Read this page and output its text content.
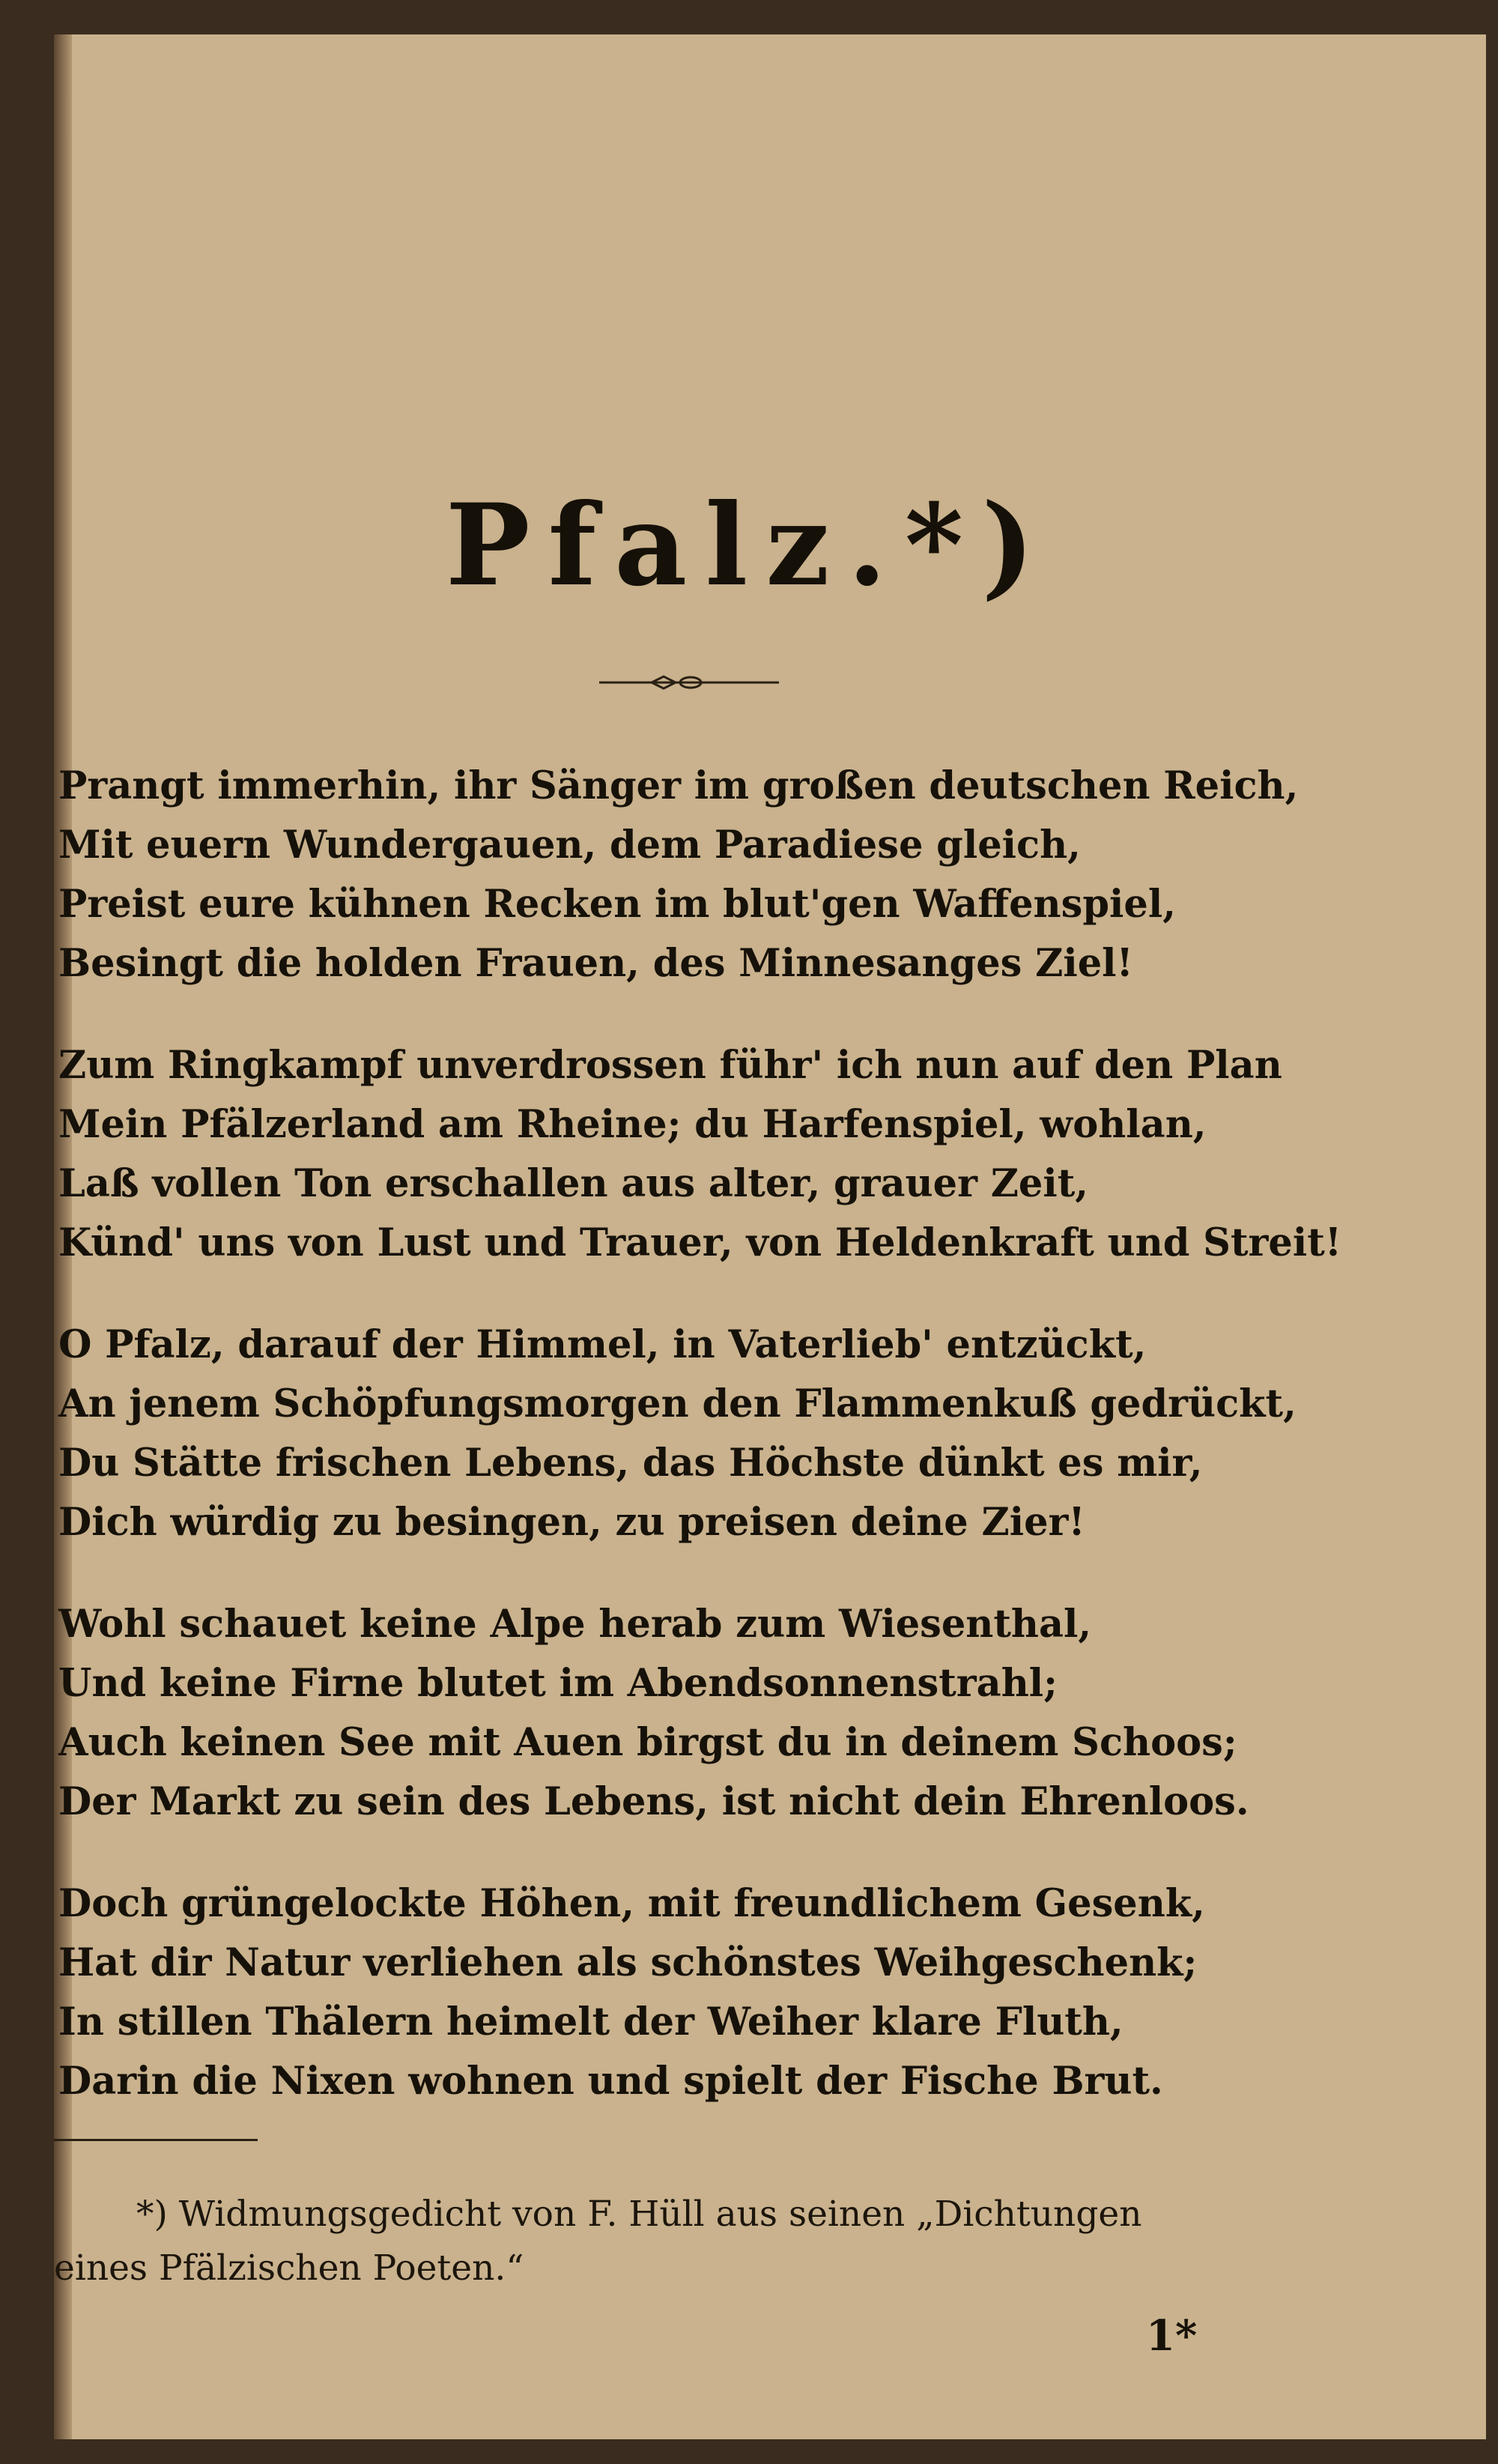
Pfalz.*)
Prangt immerhin, ihr Sänger im großen deutschen Reich,
Mit euern Wundergauen, dem Paradiese gleich,
Preist eure kühnen Recken im blut'gen Waffenspiel,
Besingt die holden Frauen, des Minnesanges Ziel!
Zum Ringkampf unverdrossen führ' ich nun auf den Plan
Mein Pfälzerland am Rheine; du Harfenspiel, wohlan,
Laß vollen Ton erschallen aus alter, grauer Zeit,
Künd' uns von Lust und Trauer, von Heldenkraft und Streit!
O Pfalz, darauf der Himmel, in Vaterlieb' entzückt,
An jenem Schöpfungsmorgen den Flammenkuß gedrückt,
Du Stätte frischen Lebens, das Höchste dünkt es mir,
Dich würdig zu besingen, zu preisen deine Zier!
Wohl schauet keine Alpe herab zum Wiesenthal,
Und keine Firne blutet im Abendsonnenstrahl;
Auch keinen See mit Auen birgst du in deinem Schoos;
Der Markt zu sein des Lebens, ist nicht dein Ehrenloos.
Doch grüngelockte Höhen, mit freundlichem Gesenk,
Hat dir Natur verliehen als schönstes Weihgeschenk;
In stillen Thälern heimelt der Weiher klare Fluth,
Darin die Nixen wohnen und spielt der Fische Brut.
*) Widmungsgedicht von F. Hüll aus seinen „Dichtungen
eines Pfälzischen Poeten.“
1*
